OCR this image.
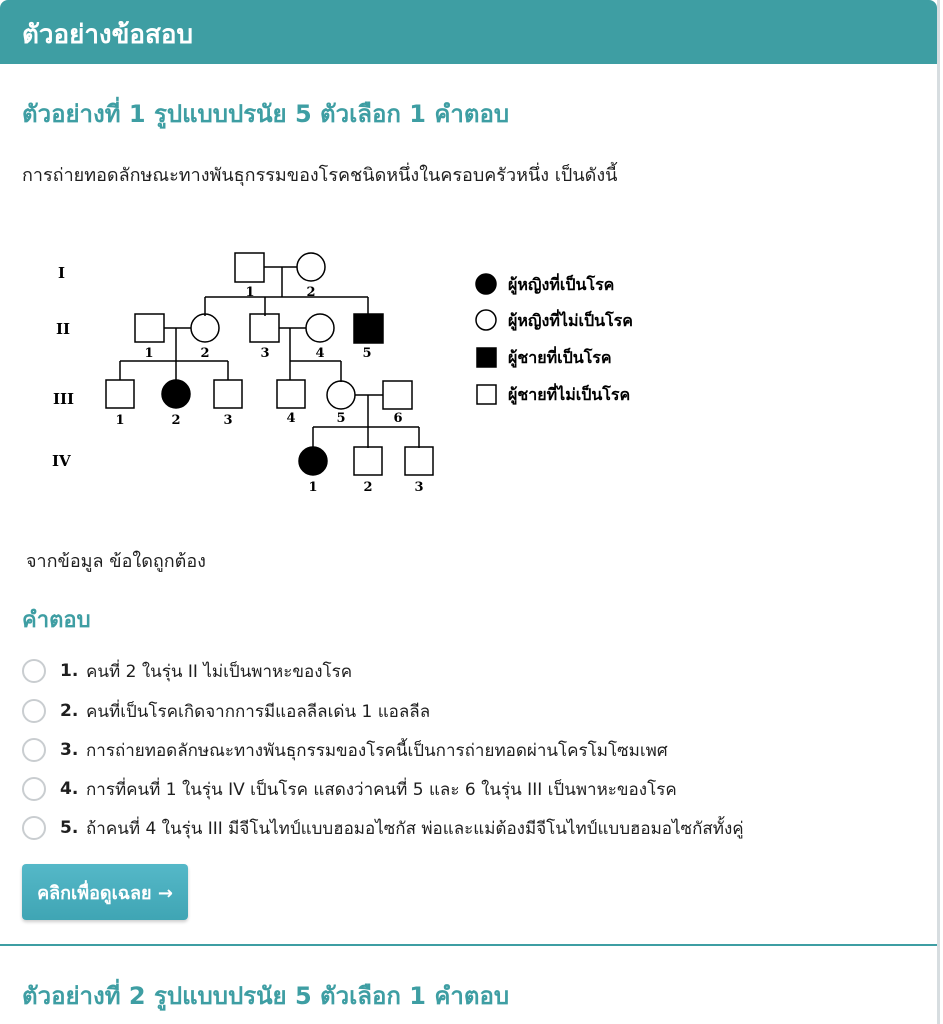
ตัวอย่างข้อสอบ
ตัวอย่างที่ 1 รูปแบบปรนัย 5 ตัวเลือก 1 คำตอบ
การถ่ายทอดลักษณะทางพันธุกรรมของโรคชนิดหนึ่งในครอบครัวหนึ่ง เป็นดังนี้
I
II
III
IV
1	2
1	2	3	4	5
1	2	3	4	5	6
1	2	3
ผู้หญิงที่เป็นโรค
ผู้หญิงที่ไม่เป็นโรค
ผู้ชายที่เป็นโรค
ผู้ชายที่ไม่เป็นโรค
จากข้อมูล ข้อใดถูกต้อง
คำตอบ
1. คนที่ 2 ในรุ่น II ไม่เป็นพาหะของโรค
2. คนที่เป็นโรคเกิดจากการมีแอลลีลเด่น 1 แอลลีล
3. การถ่ายทอดลักษณะทางพันธุกรรมของโรคนี้เป็นการถ่ายทอดผ่านโครโมโซมเพศ
4. การที่คนที่ 1 ในรุ่น IV เป็นโรค แสดงว่าคนที่ 5 และ 6 ในรุ่น III เป็นพาหะของโรค
5. ถ้าคนที่ 4 ในรุ่น III มีจีโนไทป์แบบฮอมอไซกัส พ่อและแม่ต้องมีจีโนไทป์แบบฮอมอไซกัสทั้งคู่
คลิกเพื่อดูเฉลย →
ตัวอย่างที่ 2 รูปแบบปรนัย 5 ตัวเลือก 1 คำตอบ
